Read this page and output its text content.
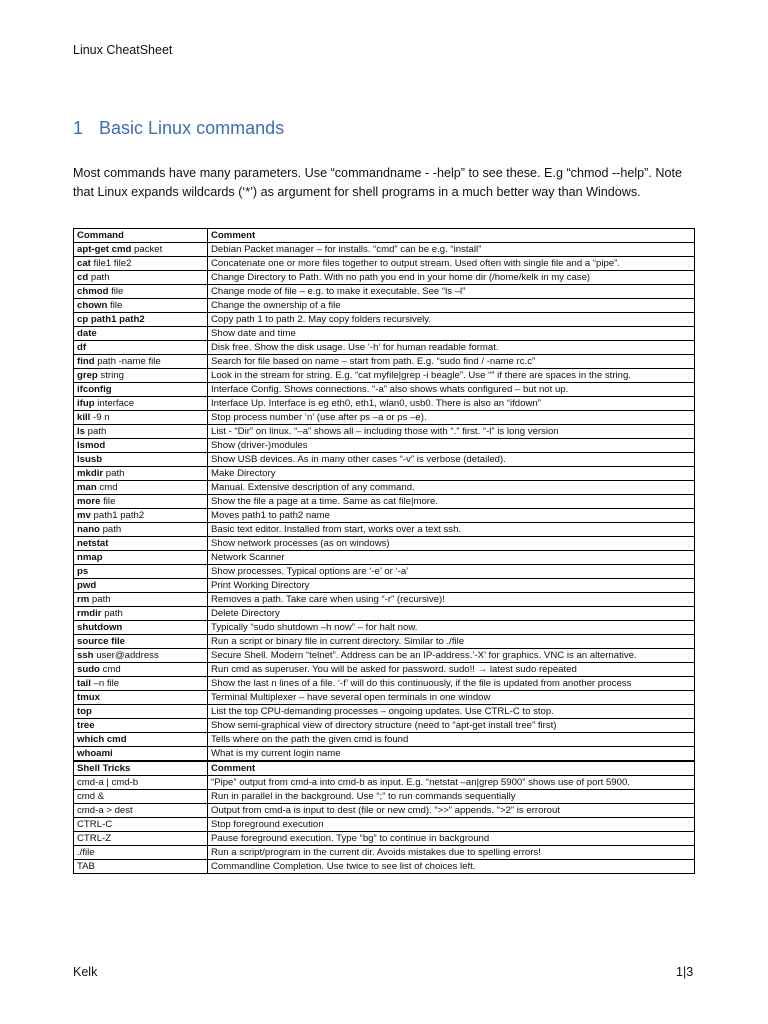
Linux CheatSheet
1 Basic Linux commands

Most commands have many parameters. Use “commandname - -help” to see these. E.g “chmod --help”. Note that Linux expands wildcards (‘*’) as argument for shell programs in a much better way than Windows.

Command	Comment
apt-get cmd packet	Debian Packet manager – for installs. “cmd” can be e.g. “install”
cat file1 file2	Concatenate one or more files together to output stream. Used often with single file and a “pipe”.
cd path	Change Directory to Path. With no path you end in your home dir (/home/kelk in my case)
chmod file	Change mode of file – e.g. to make it executable. See “ls –l”
chown file	Change the ownership of a file
cp path1 path2	Copy path 1 to path 2. May copy folders recursively.
date	Show date and time
df	Disk free. Show the disk usage. Use ‘-h’ for human readable format.
find path -name file	Search for file based on name – start from path. E.g. “sudo find / -name rc.c”
grep string	Look in the stream for string. E.g. “cat myfile|grep -i beagle”. Use “” if there are spaces in the string.
ifconfig	Interface Config. Shows connections. “-a” also shows whats configured – but not up.
ifup interface	Interface Up. Interface is eg eth0, eth1, wlan0, usb0. There is also an “ifdown”
kill -9 n	Stop process number ‘n’ (use after ps –a or ps –e).
ls path	List - “Dir” on linux. “–a” shows all – including those with “.” first. “-l” is long version
lsmod	Show (driver-)modules
lsusb	Show USB devices. As in many other cases “-v” is verbose (detailed).
mkdir path	Make Directory
man cmd	Manual. Extensive description of any command.
more file	Show the file a page at a time. Same as cat file|more.
mv path1 path2	Moves path1 to path2 name
nano path	Basic text editor. Installed from start, works over a text ssh.
netstat	Show network processes (as on windows)
nmap	Network Scanner
ps	Show processes. Typical options are ‘-e’ or ‘-a’
pwd	Print Working Directory
rm path	Removes a path. Take care when using “-r” (recursive)!
rmdir path	Delete Directory
shutdown	Typically “sudo shutdown –h now” – for halt now.
source file	Run a script or binary file in current directory. Similar to ./file
ssh user@address	Secure Shell. Modern “telnet”. Address can be an IP-address.’-X’ for graphics. VNC is an alternative.
sudo cmd	Run cmd as superuser. You will be asked for password. sudo!! → latest sudo repeated
tail –n file	Show the last n lines of a file. ‘-f’ will do this continuously, if the file is updated from another process
tmux	Terminal Multiplexer – have several open terminals in one window
top	List the top CPU-demanding processes – ongoing updates. Use CTRL-C to stop.
tree	Show semi-graphical view of directory structure (need to “apt-get install tree” first)
which cmd	Tells where on the path the given cmd is found
whoami	What is my current login name
Shell Tricks	Comment
cmd-a | cmd-b	“Pipe” output from cmd-a into cmd-b as input. E.g. “netstat –an|grep 5900” shows use of port 5900.
cmd &	Run in parallel in the background. Use “;” to run commands sequentially
cmd-a > dest	Output from cmd-a is input to dest (file or new cmd). “>>” appends. “>2” is errorout
CTRL-C	Stop foreground execution
CTRL-Z	Pause foreground execution. Type “bg” to continue in background
./file	Run a script/program in the current dir. Avoids mistakes due to spelling errors!
TAB	Commandline Completion. Use twice to see list of choices left.
Kelk	1|3
